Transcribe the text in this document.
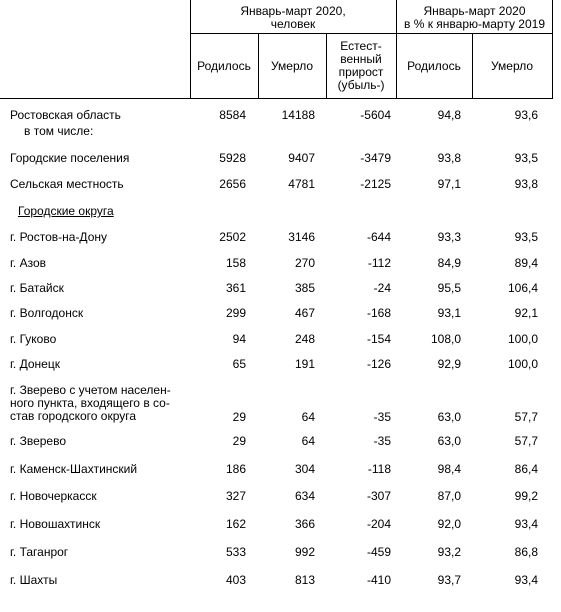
Январь-март 2020,
человек
Январь-март 2020
в % к январю-марту 2019
Родилось	Умерло
Естест-
венный
прирост
(убыль-)
Родилось	Умерло
Ростовская область	8584	14188	-5604	94,8	93,6
в том числе:
Городские поселения	5928	9407	-3479	93,8	93,5
Сельская местность	2656	4781	-2125	97,1	93,8
Городские округа
г. Ростов-на-Дону	2502	3146	-644	93,3	93,5
г. Азов	158	270	-112	84,9	89,4
г. Батайск	361	385	-24	95,5	106,4
г. Волгодонск	299	467	-168	93,1	92,1
г. Гуково	94	248	-154	108,0	100,0
г. Донецк	65	191	-126	92,9	100,0
г. Зверево с учетом населен-
ного пункта, входящего в со-
став городского округа	29	64	-35	63,0	57,7
г. Зверево	29	64	-35	63,0	57,7
г. Каменск-Шахтинский	186	304	-118	98,4	86,4
г. Новочеркасск	327	634	-307	87,0	99,2
г. Новошахтинск	162	366	-204	92,0	93,4
г. Таганрог	533	992	-459	93,2	86,8
г. Шахты	403	813	-410	93,7	93,4
